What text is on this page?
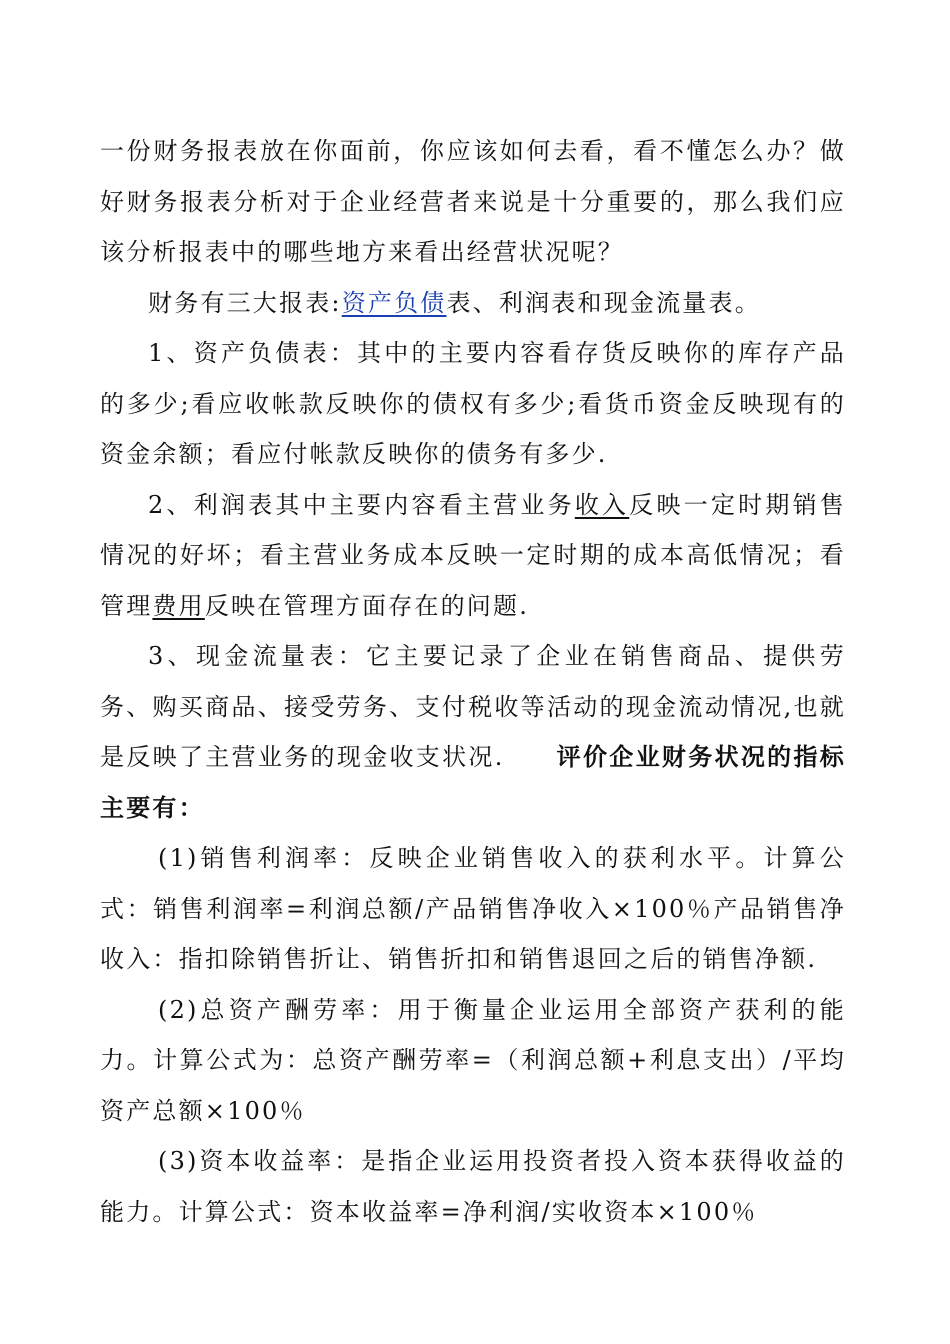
一份财务报表放在你面前，你应该如何去看，看不懂怎么办？做好财务报表分析对于企业经营者来说是十分重要的，那么我们应该分析报表中的哪些地方来看出经营状况呢？

财务有三大报表:资产负债表、利润表和现金流量表。

1、资产负债表：其中的主要内容看存货反映你的库存产品的多少;看应收帐款反映你的债权有多少;看货币资金反映现有的资金余额；看应付帐款反映你的债务有多少.

2、利润表其中主要内容看主营业务收入反映一定时期销售情况的好坏；看主营业务成本反映一定时期的成本高低情况；看管理费用反映在管理方面存在的问题.

3、现金流量表：它主要记录了企业在销售商品、提供劳务、购买商品、接受劳务、支付税收等活动的现金流动情况,也就是反映了主营业务的现金收支状况. 评价企业财务状况的指标主要有：

(1)销售利润率：反映企业销售收入的获利水平。计算公式：销售利润率=利润总额/产品销售净收入×100％产品销售净收入：指扣除销售折让、销售折扣和销售退回之后的销售净额.

(2)总资产酬劳率：用于衡量企业运用全部资产获利的能力。计算公式为：总资产酬劳率=（利润总额+利息支出）/平均资产总额×100％

(3)资本收益率：是指企业运用投资者投入资本获得收益的能力。计算公式：资本收益率=净利润/实收资本×100％
